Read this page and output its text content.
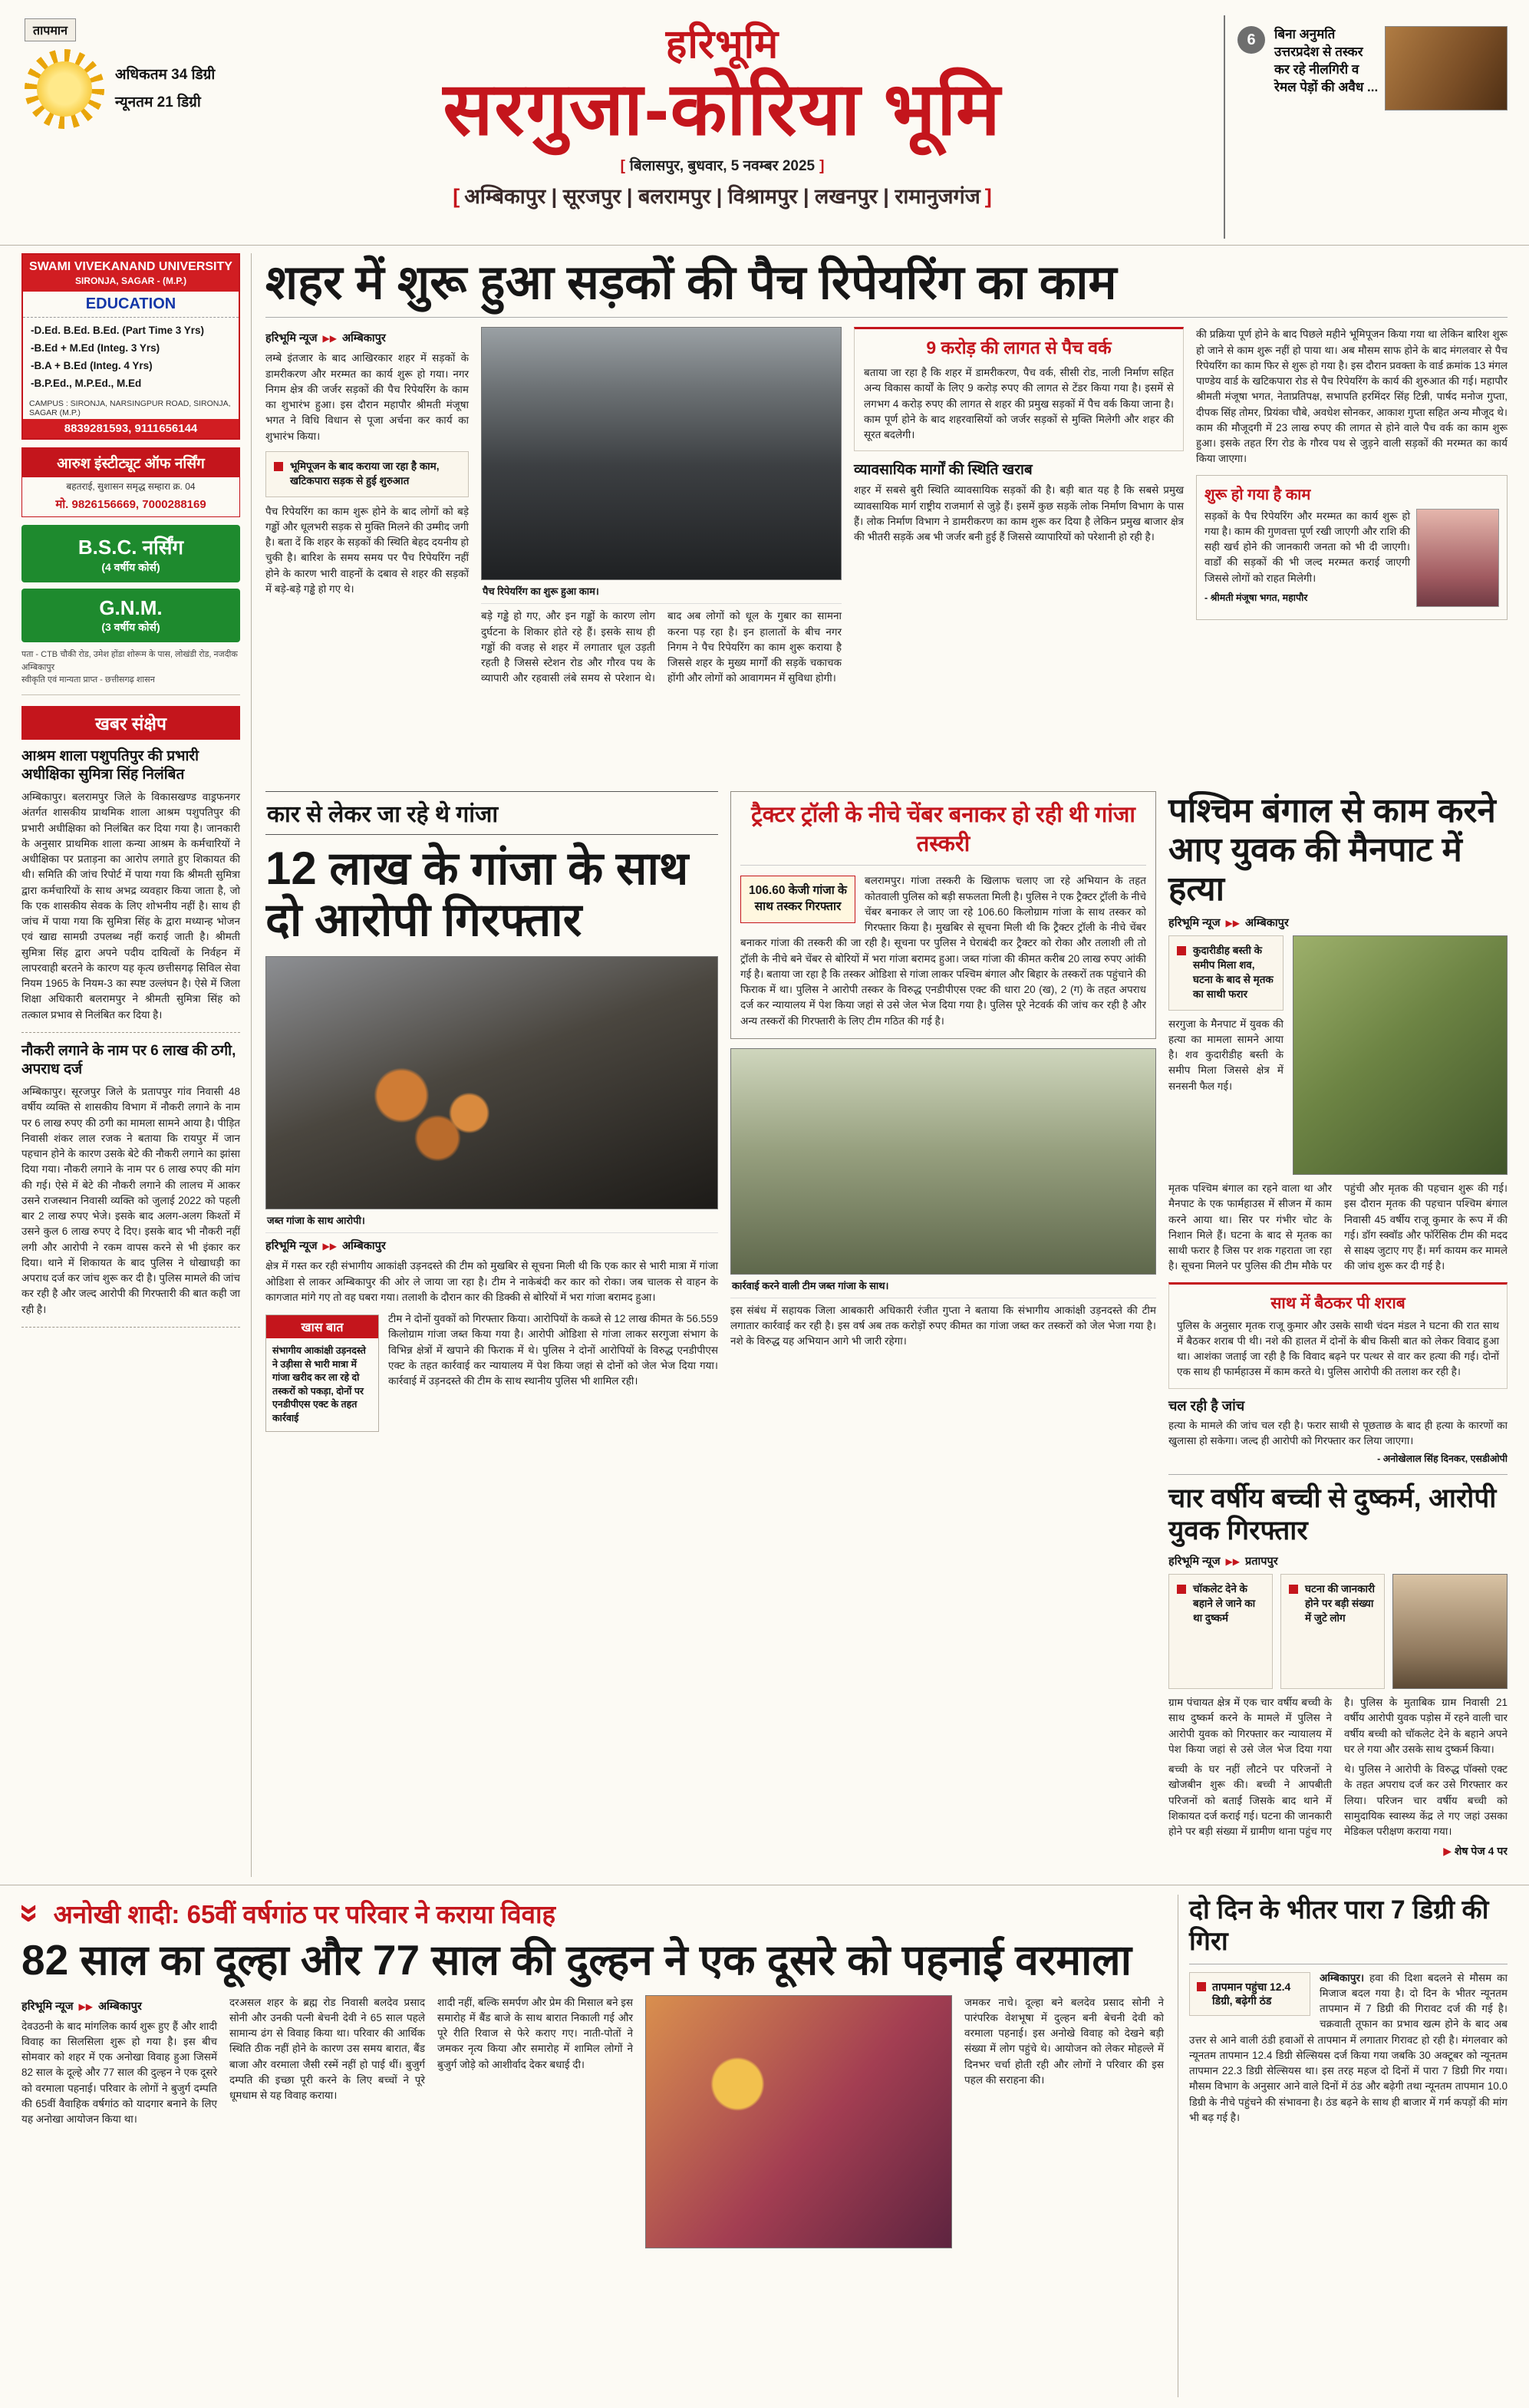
तापमान
अधिकतम 34 डिग्री
न्यूनतम 21 डिग्री
हरिभूमि
सरगुजा-कोरिया भूमि
[ बिलासपुर, बुधवार, 5 नवम्बर 2025 ]
[ अम्बिकापुर | सूरजपुर | बलरामपुर | विश्रामपुर | लखनपुर | रामानुजगंज ]
6	बिना अनुमति उत्तरप्रदेश से तस्कर कर रहे नीलगिरी व रेमल पेड़ों की अवैध ...
SWAMI VIVEKANAND UNIVERSITY
SIRONJA, SAGAR - (M.P.)
EDUCATION
-D.Ed. B.Ed. B.Ed. (Part Time 3 Yrs)
-B.Ed + M.Ed (Integ. 3 Yrs)
-B.A + B.Ed (Integ. 4 Yrs)
-B.P.Ed., M.P.Ed., M.Ed
CAMPUS : SIRONJA, NARSINGPUR ROAD, SIRONJA, SAGAR (M.P.)
8839281593, 9111656144
आरुश इंस्टीट्यूट ऑफ नर्सिंग
बहतराई, सुशासन समृद्ध सम्हारा क्र. 04
मो. 9826156669, 7000288169
B.S.C. नर्सिंग
(4 वर्षीय कोर्स)
G.N.M.
(3 वर्षीय कोर्स)
पता - CTB चौकी रोड, उमेश होंडा शोरूम के पास, लोखंडी रोड, नजदीक अम्बिकापुर
स्वीकृति एवं मान्यता प्राप्त - छत्तीसगढ़ शासन
खबर संक्षेप
आश्रम शाला पशुपतिपुर की प्रभारी अधीक्षिका सुमित्रा सिंह निलंबित

अम्बिकापुर। बलरामपुर जिले के विकासखण्ड वाड्रफनगर अंतर्गत शासकीय प्राथमिक शाला आश्रम पशुपतिपुर की प्रभारी अधीक्षिका को निलंबित कर दिया गया है। जानकारी के अनुसार प्राथमिक शाला कन्या आश्रम के कर्मचारियों ने अधीक्षिका पर प्रताड़ना का आरोप लगाते हुए शिकायत की थी। समिति की जांच रिपोर्ट में पाया गया कि श्रीमती सुमित्रा द्वारा कर्मचारियों के साथ अभद्र व्यवहार किया जाता है, जो कि एक शासकीय सेवक के लिए शोभनीय नहीं है। साथ ही जांच में पाया गया कि सुमित्रा सिंह के द्वारा मध्यान्ह भोजन एवं खाद्य सामग्री उपलब्ध नहीं कराई जाती है। श्रीमती सुमित्रा सिंह द्वारा अपने पदीय दायित्वों के निर्वहन में लापरवाही बरतने के कारण यह कृत्य छत्तीसगढ़ सिविल सेवा नियम 1965 के नियम-3 का स्पष्ट उल्लंघन है। ऐसे में जिला शिक्षा अधिकारी बलरामपुर ने श्रीमती सुमित्रा सिंह को तत्काल प्रभाव से निलंबित कर दिया है।

नौकरी लगाने के नाम पर 6 लाख की ठगी, अपराध दर्ज

अम्बिकापुर। सूरजपुर जिले के प्रतापपुर गांव निवासी 48 वर्षीय व्यक्ति से शासकीय विभाग में नौकरी लगाने के नाम पर 6 लाख रुपए की ठगी का मामला सामने आया है। पीड़ित निवासी शंकर लाल रजक ने बताया कि रायपुर में जान पहचान होने के कारण उसके बेटे की नौकरी लगाने का झांसा दिया गया। नौकरी लगाने के नाम पर 6 लाख रुपए की मांग की गई। ऐसे में बेटे की नौकरी लगाने की लालच में आकर उसने राजस्थान निवासी व्यक्ति को जुलाई 2022 को पहली बार 2 लाख रुपए भेजे। इसके बाद अलग-अलग किश्तों में उसने कुल 6 लाख रुपए दे दिए। इसके बाद भी नौकरी नहीं लगी और आरोपी ने रकम वापस करने से भी इंकार कर दिया। थाने में शिकायत के बाद पुलिस ने धोखाधड़ी का अपराध दर्ज कर जांच शुरू कर दी है। पुलिस मामले की जांच कर रही है और जल्द आरोपी की गिरफ्तारी की बात कही जा रही है।

शहर में शुरू हुआ सड़कों की पैच रिपेयरिंग का काम
हरिभूमि न्यूज ▶▶ अम्बिकापुर

लम्बे इंतजार के बाद आखिरकार शहर में सड़कों के डामरीकरण और मरम्मत का कार्य शुरू हो गया। नगर निगम क्षेत्र की जर्जर सड़कों की पैच रिपेयरिंग के काम का शुभारंभ हुआ। इस दौरान महापौर श्रीमती मंजूषा भगत ने विधि विधान से पूजा अर्चना कर कार्य का शुभारंभ किया।

भूमिपूजन के बाद कराया जा रहा है काम, खटिकपारा सड़क से हुई शुरुआत

पैच रिपेयरिंग का काम शुरू होने के बाद लोगों को बड़े गड्ढों और धूलभरी सड़क से मुक्ति मिलने की उम्मीद जगी है। बता दें कि शहर के सड़कों की स्थिति बेहद दयनीय हो चुकी है। बारिश के समय समय पर पैच रिपेयरिंग नहीं होने के कारण भारी वाहनों के दबाव से शहर की सड़कों में बड़े-बड़े गड्ढे हो गए थे।	पैच रिपेयरिंग का शुरू हुआ काम।

बड़े गड्ढे हो गए, और इन गड्ढों के कारण लोग दुर्घटना के शिकार होते रहे हैं। इसके साथ ही गड्ढों की वजह से शहर में लगातार धूल उड़ती रहती है जिससे स्टेशन रोड और गौरव पथ के व्यापारी और रहवासी लंबे समय से परेशान थे। बाद अब लोगों को धूल के गुबार का सामना करना पड़ रहा है। इन हालातों के बीच नगर निगम ने पैच रिपेयरिंग का काम शुरू कराया है जिससे शहर के मुख्य मार्गों की सड़कें चकाचक होंगी और लोगों को आवागमन में सुविधा होगी।

9 करोड़ की लागत से पैच वर्क

बताया जा रहा है कि शहर में डामरीकरण, पैच वर्क, सीसी रोड, नाली निर्माण सहित अन्य विकास कार्यों के लिए 9 करोड़ रुपए की लागत से टेंडर किया गया है। इसमें से लगभग 4 करोड़ रुपए की लागत से शहर की प्रमुख सड़कों में पैच वर्क किया जाना है। काम पूर्ण होने के बाद शहरवासियों को जर्जर सड़कों से मुक्ति मिलेगी और शहर की सूरत बदलेगी।

व्यावसायिक मार्गों की स्थिति खराब

शहर में सबसे बुरी स्थिति व्यावसायिक सड़कों की है। बड़ी बात यह है कि सबसे प्रमुख व्यावसायिक मार्ग राष्ट्रीय राजमार्ग से जुड़े हैं। इसमें कुछ सड़कें लोक निर्माण विभाग के पास हैं। लोक निर्माण विभाग ने डामरीकरण का काम शुरू कर दिया है लेकिन प्रमुख बाजार क्षेत्र की भीतरी सड़कें अब भी जर्जर बनी हुई हैं जिससे व्यापारियों को परेशानी हो रही है।

की प्रक्रिया पूर्ण होने के बाद पिछले महीने भूमिपूजन किया गया था लेकिन बारिश शुरू हो जाने से काम शुरू नहीं हो पाया था। अब मौसम साफ होने के बाद मंगलवार से पैच रिपेयरिंग का काम फिर से शुरू हो गया है। इस दौरान प्रवक्ता के वार्ड क्रमांक 13 मंगल पाण्डेय वार्ड के खटिकपारा रोड से पैच रिपेयरिंग के कार्य की शुरुआत की गई। महापौर श्रीमती मंजूषा भगत, नेताप्रतिपक्ष, सभापति हरमिंदर सिंह टिन्नी, पार्षद मनोज गुप्ता, दीपक सिंह तोमर, प्रियंका चौबे, अवधेश सोनकर, आकाश गुप्ता सहित अन्य मौजूद थे। काम की मौजूदगी में 23 लाख रुपए की लागत से होने वाले पैच वर्क का काम शुरू हुआ। इसके तहत रिंग रोड के गौरव पथ से जुड़ने वाली सड़कों की मरम्मत का कार्य किया जाएगा।

शुरू हो गया है काम

सड़कों के पैच रिपेयरिंग और मरम्मत का कार्य शुरू हो गया है। काम की गुणवत्ता पूर्ण रखी जाएगी और राशि की सही खर्च होने की जानकारी जनता को भी दी जाएगी। वार्डों की सड़कों की भी जल्द मरम्मत कराई जाएगी जिससे लोगों को राहत मिलेगी।

- श्रीमती मंजूषा भगत, महापौर
कार से लेकर जा रहे थे गांजा
12 लाख के गांजा के साथ दो आरोपी गिरफ्तार
जब्त गांजा के साथ आरोपी।
हरिभूमि न्यूज ▶▶ अम्बिकापुर

क्षेत्र में गस्त कर रही संभागीय आकांक्षी उड़नदस्ते की टीम को मुखबिर से सूचना मिली थी कि एक कार से भारी मात्रा में गांजा ओडिशा से लाकर अम्बिकापुर की ओर ले जाया जा रहा है। टीम ने नाकेबंदी कर कार को रोका। जब चालक से वाहन के कागजात मांगे गए तो वह घबरा गया। तलाशी के दौरान कार की डिक्की से बोरियों में भरा गांजा बरामद हुआ।

खास बात
संभागीय आकांक्षी उड़नदस्ते ने उड़ीसा से भारी मात्रा में गांजा खरीद कर ला रहे दो तस्करों को पकड़ा, दोनों पर एनडीपीएस एक्ट के तहत कार्रवाई

टीम ने दोनों युवकों को गिरफ्तार किया। आरोपियों के कब्जे से 12 लाख कीमत के 56.559 किलोग्राम गांजा जब्त किया गया है। आरोपी ओडिशा से गांजा लाकर सरगुजा संभाग के विभिन्न क्षेत्रों में खपाने की फिराक में थे। पुलिस ने दोनों आरोपियों के विरुद्ध एनडीपीएस एक्ट के तहत कार्रवाई कर न्यायालय में पेश किया जहां से दोनों को जेल भेज दिया गया। कार्रवाई में उड़नदस्ते की टीम के साथ स्थानीय पुलिस भी शामिल रही।

ट्रैक्टर ट्रॉली के नीचे चेंबर बनाकर हो रही थी गांजा तस्करी
106.60 केजी गांजा के साथ तस्कर गिरफ्तार

बलरामपुर। गांजा तस्करी के खिलाफ चलाए जा रहे अभियान के तहत कोतवाली पुलिस को बड़ी सफलता मिली है। पुलिस ने एक ट्रैक्टर ट्रॉली के नीचे चेंबर बनाकर ले जाए जा रहे 106.60 किलोग्राम गांजा के साथ तस्कर को गिरफ्तार किया है। मुखबिर से सूचना मिली थी कि ट्रैक्टर ट्रॉली के नीचे चेंबर बनाकर गांजा की तस्करी की जा रही है। सूचना पर पुलिस ने घेराबंदी कर ट्रैक्टर को रोका और तलाशी ली तो ट्रॉली के नीचे बने चेंबर से बोरियों में भरा गांजा बरामद हुआ। जब्त गांजा की कीमत करीब 20 लाख रुपए आंकी गई है। बताया जा रहा है कि तस्कर ओडिशा से गांजा लाकर पश्चिम बंगाल और बिहार के तस्करों तक पहुंचाने की फिराक में था। पुलिस ने आरोपी तस्कर के विरुद्ध एनडीपीएस एक्ट की धारा 20 (ख), 2 (ग) के तहत अपराध दर्ज कर न्यायालय में पेश किया जहां से उसे जेल भेज दिया गया है। पुलिस पूरे नेटवर्क की जांच कर रही है और अन्य तस्करों की गिरफ्तारी के लिए टीम गठित की गई है।

कार्रवाई करने वाली टीम जब्त गांजा के साथ।

इस संबंध में सहायक जिला आबकारी अधिकारी रंजीत गुप्ता ने बताया कि संभागीय आकांक्षी उड़नदस्ते की टीम लगातार कार्रवाई कर रही है। इस वर्ष अब तक करोड़ों रुपए कीमत का गांजा जब्त कर तस्करों को जेल भेजा गया है। नशे के विरुद्ध यह अभियान आगे भी जारी रहेगा।

पश्चिम बंगाल से काम करने आए युवक की मैनपाट में हत्या
हरिभूमि न्यूज ▶▶ अम्बिकापुर
कुदारीडीह बस्ती के समीप मिला शव, घटना के बाद से मृतक का साथी फरार

सरगुजा के मैनपाट में युवक की हत्या का मामला सामने आया है। शव कुदारीडीह बस्ती के समीप मिला जिससे क्षेत्र में सनसनी फैल गई।

मृतक पश्चिम बंगाल का रहने वाला था और मैनपाट के एक फार्महाउस में सीजन में काम करने आया था। सिर पर गंभीर चोट के निशान मिले हैं। घटना के बाद से मृतक का साथी फरार है जिस पर शक गहराता जा रहा है। सूचना मिलने पर पुलिस की टीम मौके पर पहुंची और मृतक की पहचान शुरू की गई। इस दौरान मृतक की पहचान पश्चिम बंगाल निवासी 45 वर्षीय राजू कुमार के रूप में की गई। डॉग स्क्वॉड और फॉरेंसिक टीम की मदद से साक्ष्य जुटाए गए हैं। मर्ग कायम कर मामले की जांच शुरू कर दी गई है।

साथ में बैठकर पी शराब

पुलिस के अनुसार मृतक राजू कुमार और उसके साथी चंदन मंडल ने घटना की रात साथ में बैठकर शराब पी थी। नशे की हालत में दोनों के बीच किसी बात को लेकर विवाद हुआ था। आशंका जताई जा रही है कि विवाद बढ़ने पर पत्थर से वार कर हत्या की गई। दोनों एक साथ ही फार्महाउस में काम करते थे। पुलिस आरोपी की तलाश कर रही है।

चल रही है जांच

हत्या के मामले की जांच चल रही है। फरार साथी से पूछताछ के बाद ही हत्या के कारणों का खुलासा हो सकेगा। जल्द ही आरोपी को गिरफ्तार कर लिया जाएगा।

- अनोखेलाल सिंह दिनकर, एसडीओपी
चार वर्षीय बच्ची से दुष्कर्म, आरोपी युवक गिरफ्तार
हरिभूमि न्यूज ▶▶ प्रतापपुर
चॉकलेट देने के बहाने ले जाने का था दुष्कर्म
घटना की जानकारी होने पर बड़ी संख्या में जुटे लोग

ग्राम पंचायत क्षेत्र में एक चार वर्षीय बच्ची के साथ दुष्कर्म करने के मामले में पुलिस ने आरोपी युवक को गिरफ्तार कर न्यायालय में पेश किया जहां से उसे जेल भेज दिया गया है। पुलिस के मुताबिक ग्राम निवासी 21 वर्षीय आरोपी युवक पड़ोस में रहने वाली चार वर्षीय बच्ची को चॉकलेट देने के बहाने अपने घर ले गया और उसके साथ दुष्कर्म किया।

बच्ची के घर नहीं लौटने पर परिजनों ने खोजबीन शुरू की। बच्ची ने आपबीती परिजनों को बताई जिसके बाद थाने में शिकायत दर्ज कराई गई। घटना की जानकारी होने पर बड़ी संख्या में ग्रामीण थाना पहुंच गए थे। पुलिस ने आरोपी के विरुद्ध पॉक्सो एक्ट के तहत अपराध दर्ज कर उसे गिरफ्तार कर लिया। परिजन चार वर्षीय बच्ची को सामुदायिक स्वास्थ्य केंद्र ले गए जहां उसका मेडिकल परीक्षण कराया गया।

▶ शेष पेज 4 पर
» अनोखी शादी: 65वीं वर्षगांठ पर परिवार ने कराया विवाह
82 साल का दूल्हा और 77 साल की दुल्हन ने एक दूसरे को पहनाई वरमाला
हरिभूमि न्यूज ▶▶ अम्बिकापुर

देवउठनी के बाद मांगलिक कार्य शुरू हुए हैं और शादी विवाह का सिलसिला शुरू हो गया है। इस बीच सोमवार को शहर में एक अनोखा विवाह हुआ जिसमें 82 साल के दूल्हे और 77 साल की दुल्हन ने एक दूसरे को वरमाला पहनाई। परिवार के लोगों ने बुजुर्ग दम्पति की 65वीं वैवाहिक वर्षगांठ को यादगार बनाने के लिए यह अनोखा आयोजन किया था।

दरअसल शहर के ब्रह्म रोड निवासी बलदेव प्रसाद सोनी और उनकी पत्नी बेचनी देवी ने 65 साल पहले सामान्य ढंग से विवाह किया था। परिवार की आर्थिक स्थिति ठीक नहीं होने के कारण उस समय बारात, बैंड बाजा और वरमाला जैसी रस्में नहीं हो पाई थीं। बुजुर्ग दम्पति की इच्छा पूरी करने के लिए बच्चों ने पूरे धूमधाम से यह विवाह कराया।

शादी नहीं, बल्कि समर्पण और प्रेम की मिसाल बने इस समारोह में बैंड बाजे के साथ बारात निकाली गई और पूरे रीति रिवाज से फेरे कराए गए। नाती-पोतों ने जमकर नृत्य किया और समारोह में शामिल लोगों ने बुजुर्ग जोड़े को आशीर्वाद देकर बधाई दी।

जमकर नाचे। दूल्हा बने बलदेव प्रसाद सोनी ने पारंपरिक वेशभूषा में दुल्हन बनी बेचनी देवी को वरमाला पहनाई। इस अनोखे विवाह को देखने बड़ी संख्या में लोग पहुंचे थे। आयोजन को लेकर मोहल्ले में दिनभर चर्चा होती रही और लोगों ने परिवार की इस पहल की सराहना की।

दो दिन के भीतर पारा 7 डिग्री की गिरा
तापमान पहुंचा 12.4 डिग्री, बढ़ेगी ठंड

अम्बिकापुर। हवा की दिशा बदलने से मौसम का मिजाज बदल गया है। दो दिन के भीतर न्यूनतम तापमान में 7 डिग्री की गिरावट दर्ज की गई है। चक्रवाती तूफान का प्रभाव खत्म होने के बाद अब उत्तर से आने वाली ठंडी हवाओं से तापमान में लगातार गिरावट हो रही है। मंगलवार को न्यूनतम तापमान 12.4 डिग्री सेल्सियस दर्ज किया गया जबकि 30 अक्टूबर को न्यूनतम तापमान 22.3 डिग्री सेल्सियस था। इस तरह महज दो दिनों में पारा 7 डिग्री गिर गया। मौसम विभाग के अनुसार आने वाले दिनों में ठंड और बढ़ेगी तथा न्यूनतम तापमान 10.0 डिग्री के नीचे पहुंचने की संभावना है। ठंड बढ़ने के साथ ही बाजार में गर्म कपड़ों की मांग भी बढ़ गई है।
